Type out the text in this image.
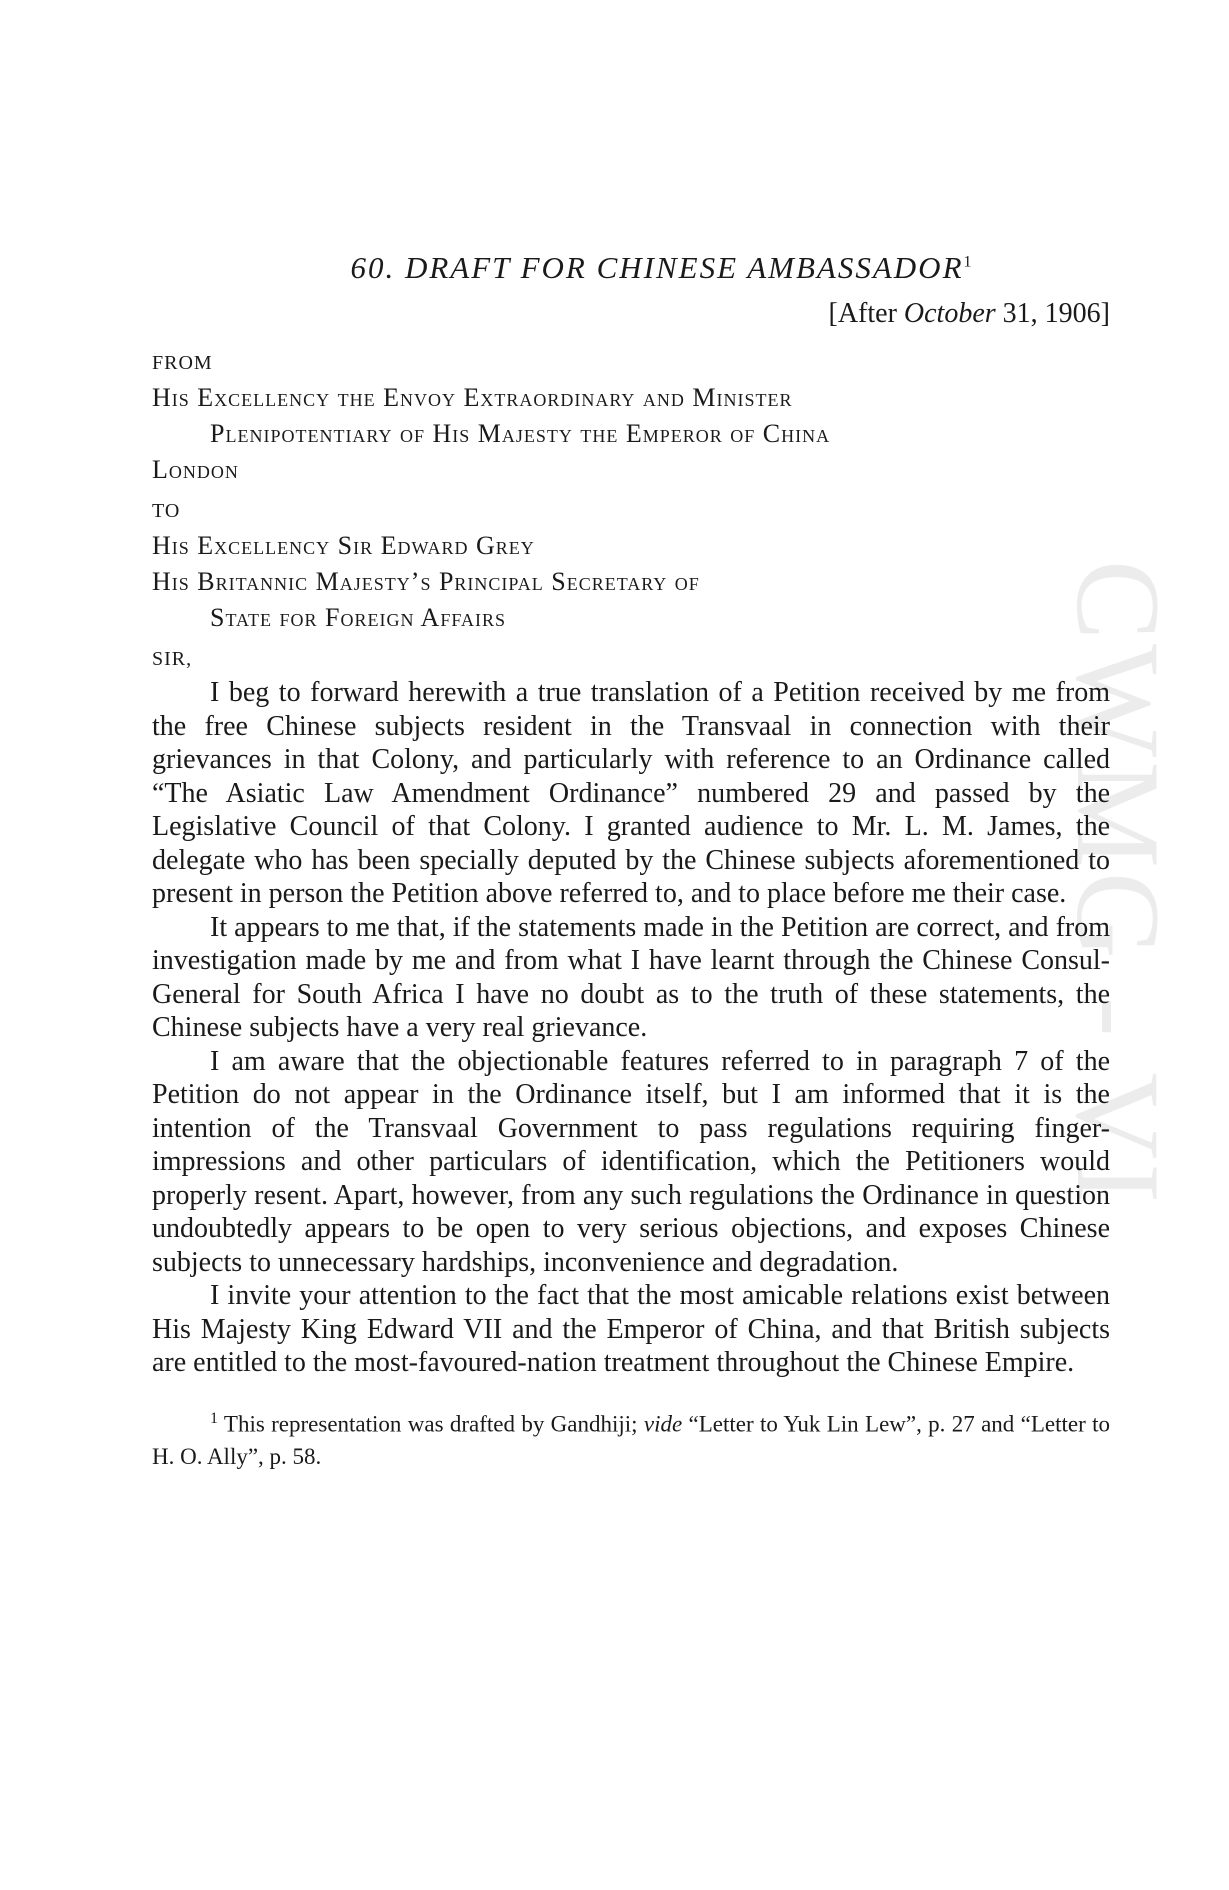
CWMG - VI
60. DRAFT FOR CHINESE AMBASSADOR$^1$
[After October 31, 1906]

FROM

His Excellency the Envoy Extraordinary and Minister

Plenipotentiary of His Majesty the Emperor of China

London

TO

His Excellency Sir Edward Grey

His Britannic Majesty’s Principal Secretary of

State for Foreign Affairs

SIR,

I beg to forward herewith a true translation of a Petition received by me from the free Chinese subjects resident in the Transvaal in connection with their grievances in that Colony, and particularly with reference to an Ordinance called “The Asiatic Law Amendment Ordinance” numbered 29 and passed by the Legislative Council of that Colony. I granted audience to Mr. L. M. James, the delegate who has been specially deputed by the Chinese subjects aforementioned to present in person the Petition above referred to, and to place before me their case.

It appears to me that, if the statements made in the Petition are correct, and from investigation made by me and from what I have learnt through the Chinese Consul-General for South Africa I have no doubt as to the truth of these statements, the Chinese subjects have a very real grievance.

I am aware that the objectionable features referred to in paragraph 7 of the Petition do not appear in the Ordinance itself, but I am informed that it is the intention of the Transvaal Government to pass regulations requiring finger-impressions and other particulars of identification, which the Petitioners would properly resent. Apart, however, from any such regulations the Ordinance in question undoubtedly appears to be open to very serious objections, and exposes Chinese subjects to unnecessary hardships, inconvenience and degradation.

I invite your attention to the fact that the most amicable relations exist between His Majesty King Edward VII and the Emperor of China, and that British subjects are entitled to the most-favoured-nation treatment throughout the Chinese Empire.

$^1$ This representation was drafted by Gandhiji; vide “Letter to Yuk Lin Lew”, p. 27 and “Letter to H. O. Ally”, p. 58.
